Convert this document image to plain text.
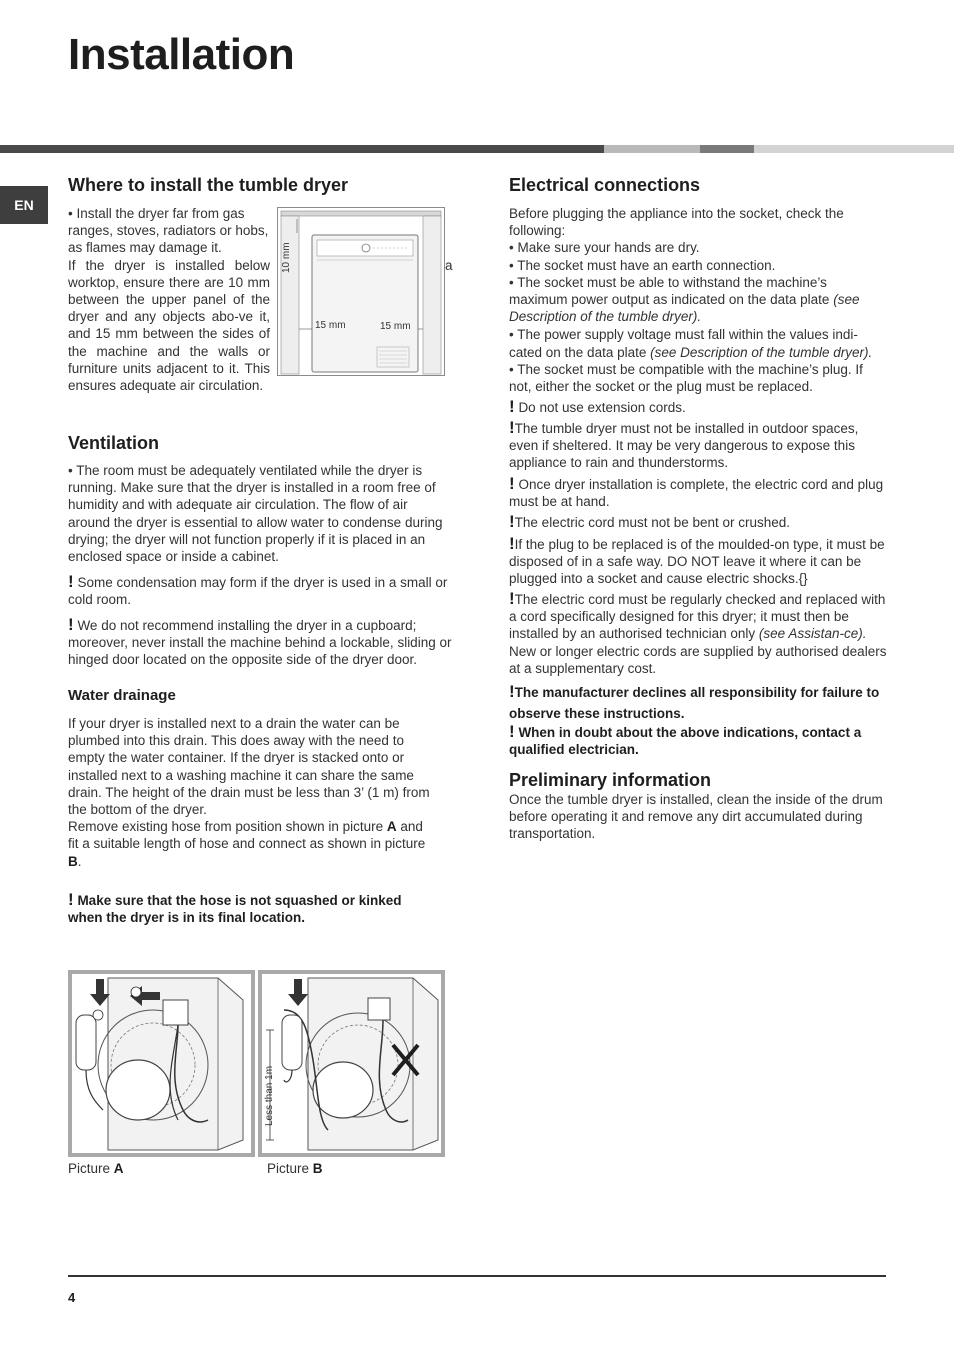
Installation
EN
Where to install the tumble dryer

• Install the dryer far from gas ranges, stoves, radiators or hobs, as flames may damage it.

If the dryer is installed below worktop, ensure there are 10 mm between the upper panel of the dryer and any objects abo-ve it, and 15 mm between the sides of the machine and the walls or furniture units adjacent to it. This ensures adequate air circulation.

a
10 mm
15 mm	15 mm
Ventilation
• The room must be adequately ventilated while the dryer is running. Make sure that the dryer is installed in a room free of humidity and with adequate air circulation. The flow of air around the dryer is essential to allow water to condense during drying; the dryer will not function properly if it is placed in an enclosed space or inside a cabinet.
! Some condensation may form if the dryer is used in a small or cold room.
! We do not recommend installing the dryer in a cupboard; moreover, never install the machine behind a lockable, sliding or hinged door located on the opposite side of the dryer door.
Water drainage

If your dryer is installed next to a drain the water can be plumbed into this drain. This does away with the need to empty the water container. If the dryer is stacked onto or installed next to a washing machine it can share the same drain. The height of the drain must be less than 3’ (1 m) from the bottom of the dryer.

Remove existing hose from position shown in picture A and fit a suitable length of hose and connect as shown in picture B.

! Make sure that the hose is not squashed or kinked when the dryer is in its final location.
Less than 1m
Picture A	Picture B
Electrical connections

Before plugging the appliance into the socket, check the following:

• Make sure your hands are dry.

• The socket must have an earth connection.

• The socket must be able to withstand the machine’s maximum power output as indicated on the data plate (see Description of the tumble dryer).

• The power supply voltage must fall within the values indi-cated on the data plate (see Description of the tumble dryer).

• The socket must be compatible with the machine’s plug. If not, either the socket or the plug must be replaced.

! Do not use extension cords.
!The tumble dryer must not be installed in outdoor spaces, even if sheltered. It may be very dangerous to expose this appliance to rain and thunderstorms.
! Once dryer installation is complete, the electric cord and plug must be at hand.
!The electric cord must not be bent or crushed.
!If the plug to be replaced is of the moulded-on type, it must be disposed of in a safe way. DO NOT leave it where it can be plugged into a socket and cause electric shocks.{}
!The electric cord must be regularly checked and replaced with a cord specifically designed for this dryer; it must then be installed by an authorised technician only (see Assistan-ce). New or longer electric cords are supplied by authorised dealers at a supplementary cost.
!The manufacturer declines all responsibility for failure to observe these instructions.
! When in doubt about the above indications, contact a qualified electrician.
Preliminary information
Once the tumble dryer is installed, clean the inside of the drum before operating it and remove any dirt accumulated during transportation.
4
